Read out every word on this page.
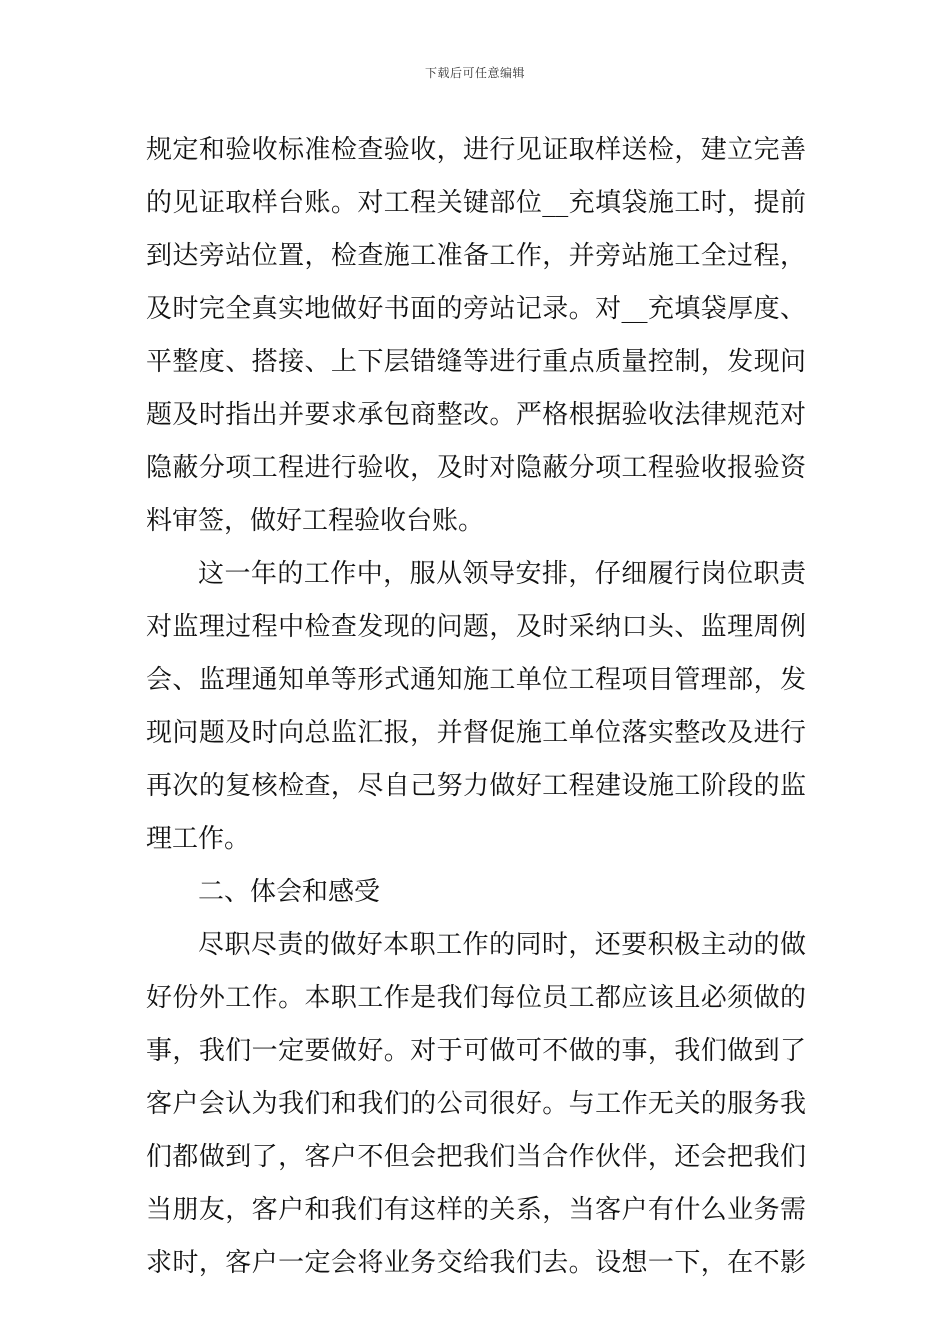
下载后可任意编辑
规定和验收标准检查验收，进行见证取样送检，建立完善
的见证取样台账。对工程关键部位__充填袋施工时，提前
到达旁站位置，检查施工准备工作，并旁站施工全过程，
及时完全真实地做好书面的旁站记录。对__充填袋厚度、
平整度、搭接、上下层错缝等进行重点质量控制，发现问
题及时指出并要求承包商整改。严格根据验收法律规范对
隐蔽分项工程进行验收，及时对隐蔽分项工程验收报验资
料审签，做好工程验收台账。
这一年的工作中，服从领导安排，仔细履行岗位职责
对监理过程中检查发现的问题，及时采纳口头、监理周例
会、监理通知单等形式通知施工单位工程项目管理部，发
现问题及时向总监汇报，并督促施工单位落实整改及进行
再次的复核检查，尽自己努力做好工程建设施工阶段的监
理工作。
二、体会和感受
尽职尽责的做好本职工作的同时，还要积极主动的做
好份外工作。本职工作是我们每位员工都应该且必须做的
事，我们一定要做好。对于可做可不做的事，我们做到了
客户会认为我们和我们的公司很好。与工作无关的服务我
们都做到了，客户不但会把我们当合作伙伴，还会把我们
当朋友，客户和我们有这样的关系，当客户有什么业务需
求时，客户一定会将业务交给我们去。设想一下，在不影
